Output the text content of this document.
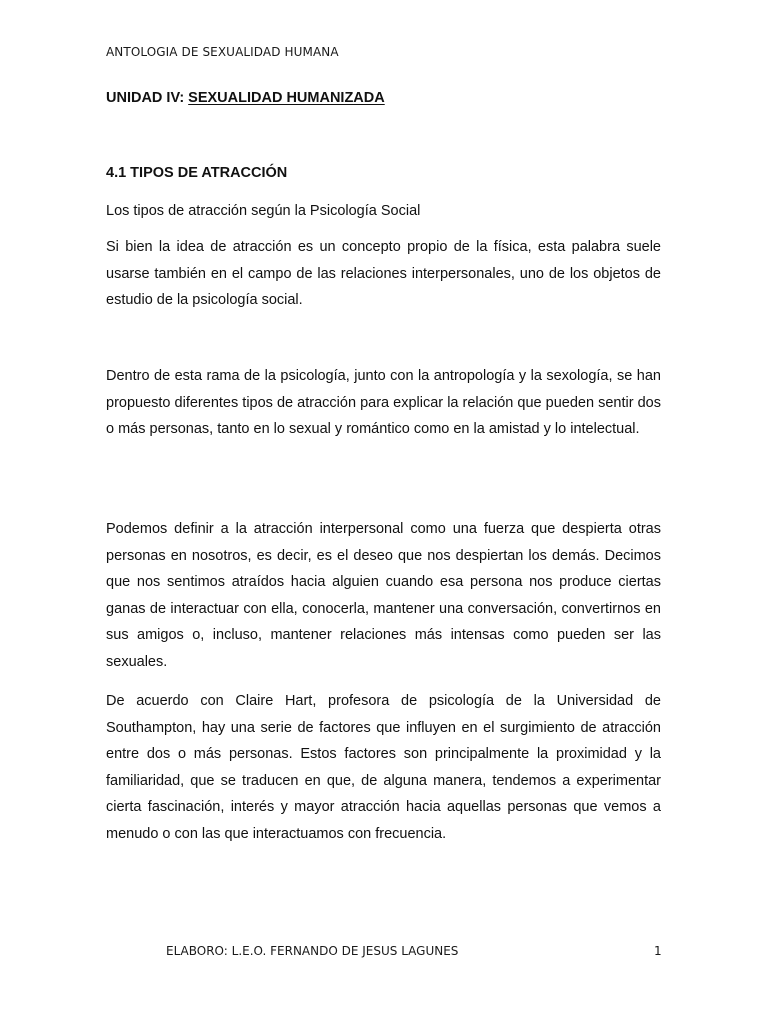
ANTOLOGIA DE SEXUALIDAD HUMANA
UNIDAD IV: SEXUALIDAD HUMANIZADA
4.1 TIPOS DE ATRACCIÓN
Los tipos de atracción según la Psicología Social

Si bien la idea de atracción es un concepto propio de la física, esta palabra suele usarse también en el campo de las relaciones interpersonales, uno de los objetos de estudio de la psicología social.

Dentro de esta rama de la psicología, junto con la antropología y la sexología, se han propuesto diferentes tipos de atracción para explicar la relación que pueden sentir dos o más personas, tanto en lo sexual y romántico como en la amistad y lo intelectual.

Podemos definir a la atracción interpersonal como una fuerza que despierta otras personas en nosotros, es decir, es el deseo que nos despiertan los demás. Decimos que nos sentimos atraídos hacia alguien cuando esa persona nos produce ciertas ganas de interactuar con ella, conocerla, mantener una conversación, convertirnos en sus amigos o, incluso, mantener relaciones más intensas como pueden ser las sexuales.

De acuerdo con Claire Hart, profesora de psicología de la Universidad de Southampton, hay una serie de factores que influyen en el surgimiento de atracción entre dos o más personas. Estos factores son principalmente la proximidad y la familiaridad, que se traducen en que, de alguna manera, tendemos a experimentar cierta fascinación, interés y mayor atracción hacia aquellas personas que vemos a menudo o con las que interactuamos con frecuencia.

ELABORO: L.E.O. FERNANDO DE JESUS LAGUNES	1
